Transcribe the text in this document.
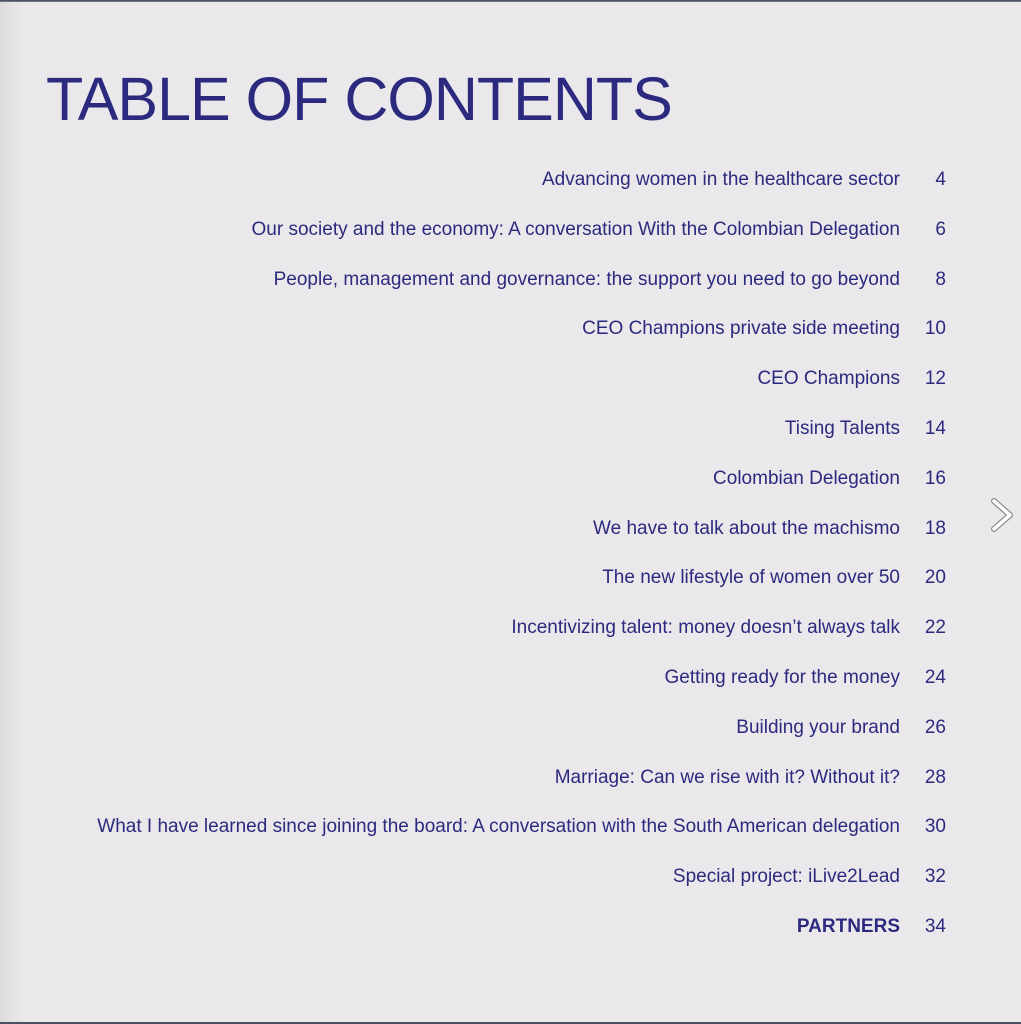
TABLE OF CONTENTS
Advancing women in the healthcare sector	4
Our society and the economy: A conversation With the Colombian Delegation	6
People, management and governance: the support you need to go beyond	8
CEO Champions private side meeting	10
CEO Champions	12
Tising Talents	14
Colombian Delegation	16
We have to talk about the machismo	18
The new lifestyle of women over 50	20
Incentivizing talent: money doesn’t always talk	22
Getting ready for the money	24
Building your brand	26
Marriage: Can we rise with it? Without it?	28
What I have learned since joining the board: A conversation with the South American delegation	30
Special project: iLive2Lead	32
PARTNERS	34
